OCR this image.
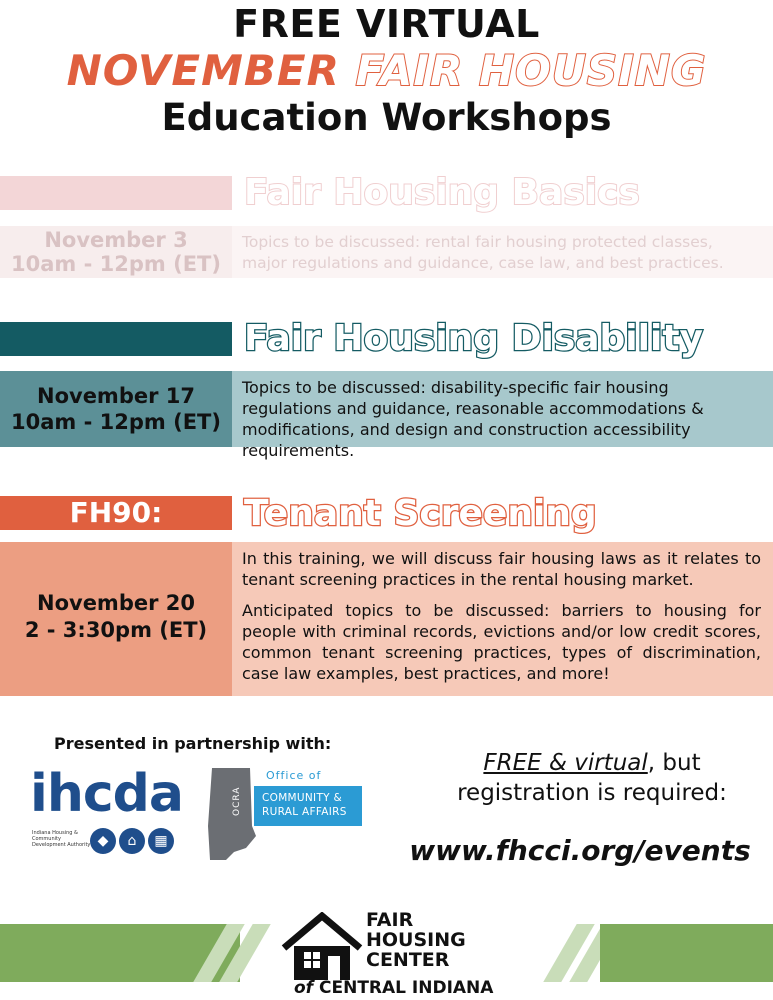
FREE VIRTUAL
NOVEMBER FAIR HOUSING
Education Workshops
Fair Housing Basics
November 3
10am - 12pm (ET)
Topics to be discussed: rental fair housing protected classes, major regulations and guidance, case law, and best practices.
Fair Housing Disability
November 17
10am - 12pm (ET)
Topics to be discussed: disability-specific fair housing regulations and guidance, reasonable accommodations & modifications, and design and construction accessibility requirements.
FH90:	Tenant Screening
November 20
2 - 3:30pm (ET)

In this training, we will discuss fair housing laws as it relates to tenant screening practices in the rental housing market.

Anticipated topics to be discussed: barriers to housing for people with criminal records, evictions and/or low credit scores, common tenant screening practices, types of discrimination, case law examples, best practices, and more!

Presented in partnership with:
ihcda
Indiana Housing & Community Development Authority ◆	⌂	▦
OCRA
Office of
COMMUNITY &
RURAL AFFAIRS
FREE & virtual, but
registration is required:
www.fhcci.org/events
FAIR
HOUSING
CENTER
of CENTRAL INDIANA
